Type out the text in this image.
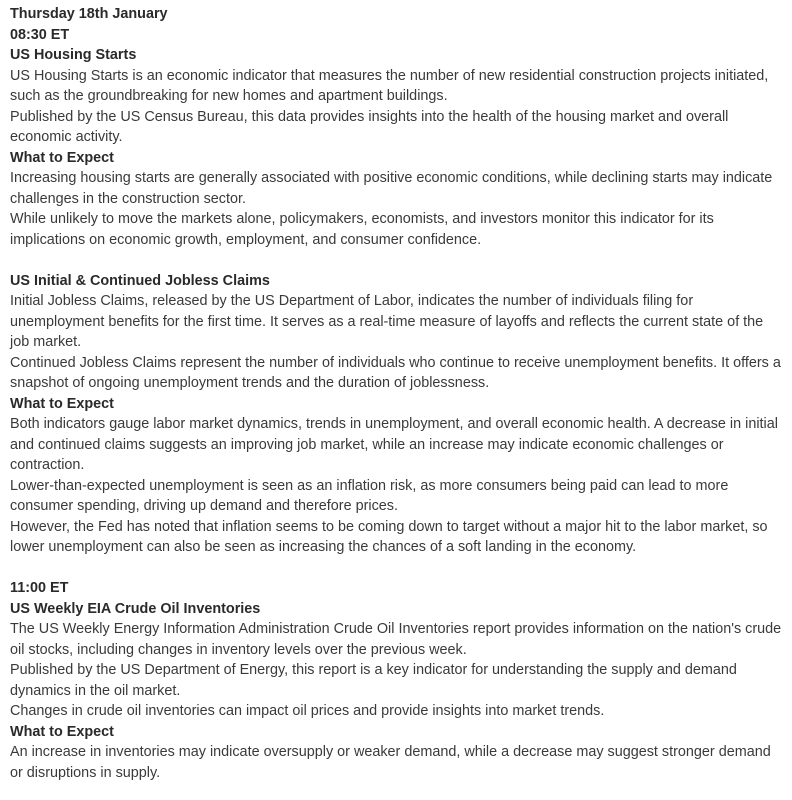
Thursday 18th January
08:30 ET
US Housing Starts
US Housing Starts is an economic indicator that measures the number of new residential construction projects initiated, such as the groundbreaking for new homes and apartment buildings.
Published by the US Census Bureau, this data provides insights into the health of the housing market and overall economic activity.
What to Expect
Increasing housing starts are generally associated with positive economic conditions, while declining starts may indicate challenges in the construction sector.
While unlikely to move the markets alone, policymakers, economists, and investors monitor this indicator for its implications on economic growth, employment, and consumer confidence.
US Initial & Continued Jobless Claims
Initial Jobless Claims, released by the US Department of Labor, indicates the number of individuals filing for unemployment benefits for the first time. It serves as a real-time measure of layoffs and reflects the current state of the job market.
Continued Jobless Claims represent the number of individuals who continue to receive unemployment benefits. It offers a snapshot of ongoing unemployment trends and the duration of joblessness.
What to Expect
Both indicators gauge labor market dynamics, trends in unemployment, and overall economic health. A decrease in initial and continued claims suggests an improving job market, while an increase may indicate economic challenges or contraction.
Lower-than-expected unemployment is seen as an inflation risk, as more consumers being paid can lead to more consumer spending, driving up demand and therefore prices.
However, the Fed has noted that inflation seems to be coming down to target without a major hit to the labor market, so lower unemployment can also be seen as increasing the chances of a soft landing in the economy.
11:00 ET
US Weekly EIA Crude Oil Inventories
The US Weekly Energy Information Administration Crude Oil Inventories report provides information on the nation's crude oil stocks, including changes in inventory levels over the previous week.
Published by the US Department of Energy, this report is a key indicator for understanding the supply and demand dynamics in the oil market.
Changes in crude oil inventories can impact oil prices and provide insights into market trends.
What to Expect
An increase in inventories may indicate oversupply or weaker demand, while a decrease may suggest stronger demand or disruptions in supply.
